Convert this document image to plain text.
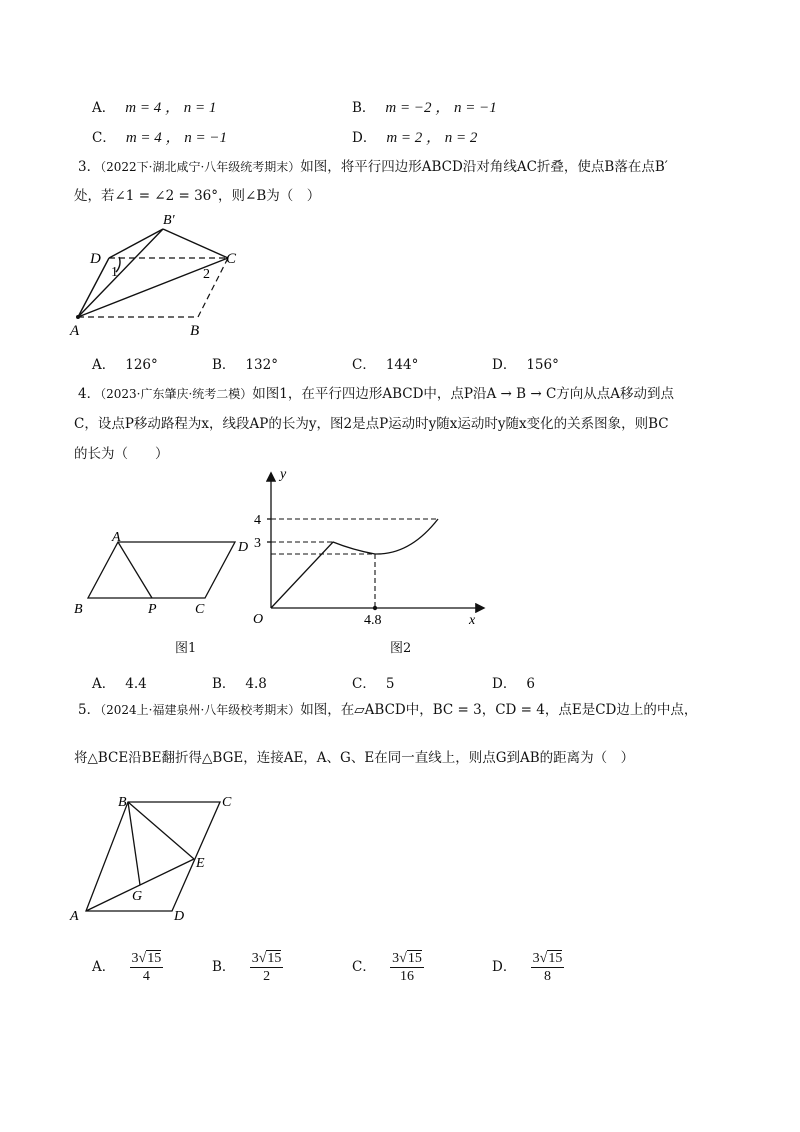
A． m = 4 ， n = 1	B． m = −2 ， n = −1
C． m = 4 ， n = −1	D． m = 2 ， n = 2
3．（2022下·湖北咸宁·八年级统考期末）如图，将平行四边形ABCD沿对角线AC折叠，使点B落在点B′
处，若∠1 = ∠2 = 36°，则∠B为（　）
B′
D	C
A	B
1	2
A． 126°	B． 132°	C． 144°	D． 156°
4．（2023·广东肇庆·统考二模）如图1，在平行四边形ABCD中，点P沿A → B → C方向从点A移动到点
C，设点P移动路程为x，线段AP的长为y，图2是点P运动时y随x运动时y随x变化的关系图象，则BC
的长为（　　）
A
D
B	P	C
图1
y
x
O
4
3
4.8
图2
A． 4.4	B． 4.8	C． 5	D． 6
5．（2024上·福建泉州·八年级校考期末）如图，在▱ABCD中，BC = 3，CD = 4，点E是CD边上的中点，
将△BCE沿BE翻折得△BGE，连接AE，A、G、E在同一直线上，则点G到AB的距离为（　）
B	C
E
G
A	D
A． $\frac{3√15}{4}$	B． $\frac{3√15}{2}$	C． $\frac{3√15}{16}$	D． $\frac{3√15}{8}$
